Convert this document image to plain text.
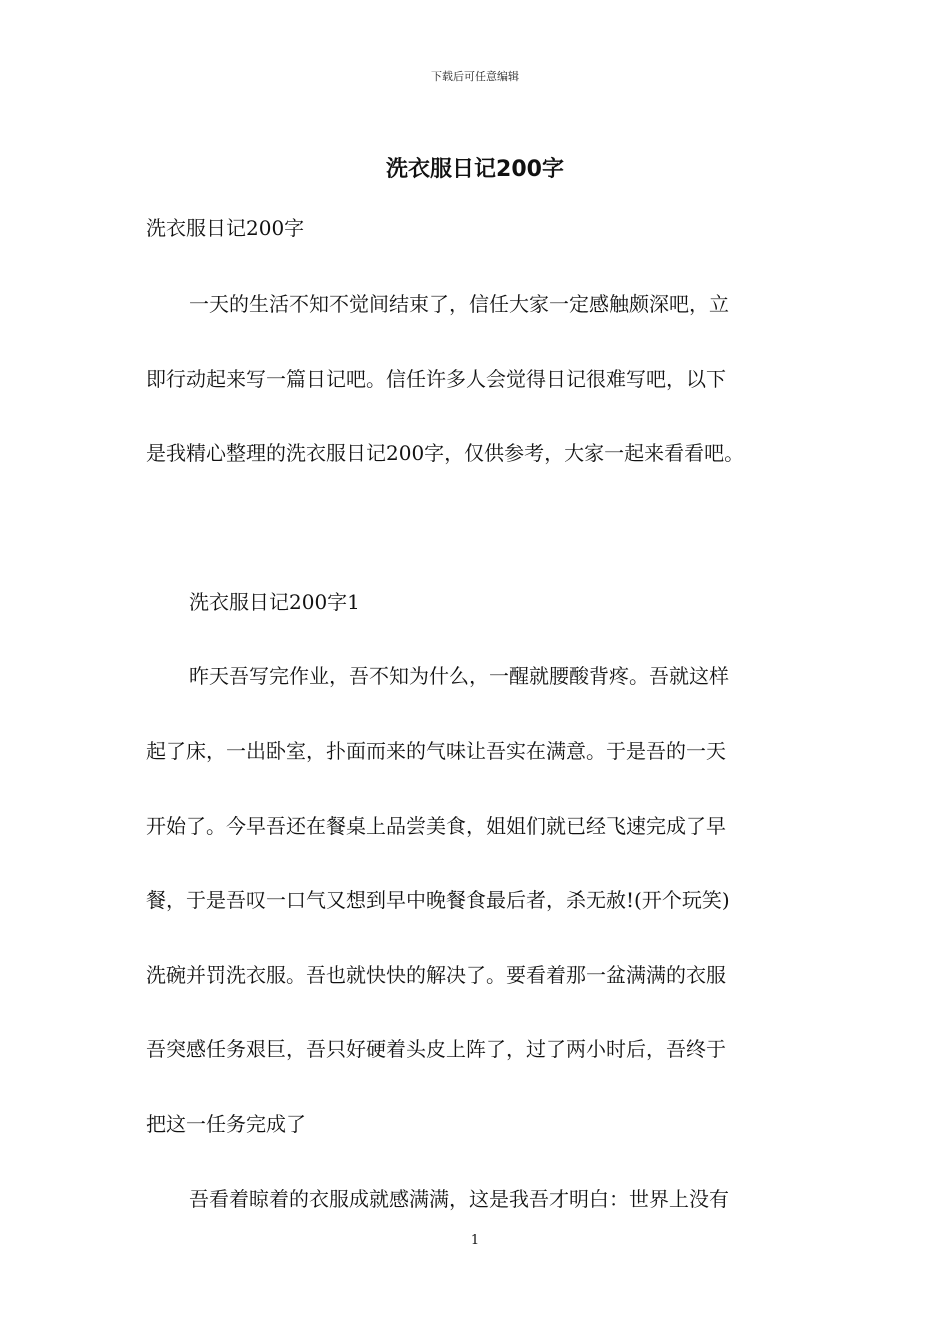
下载后可任意编辑
洗衣服日记200字
洗衣服日记200字
一天的生活不知不觉间结束了，信任大家一定感触颇深吧，立
即行动起来写一篇日记吧。信任许多人会觉得日记很难写吧，以下
是我精心整理的洗衣服日记200字，仅供参考，大家一起来看看吧。
洗衣服日记200字1
昨天吾写完作业，吾不知为什么，一醒就腰酸背疼。吾就这样
起了床，一出卧室，扑面而来的气味让吾实在满意。于是吾的一天
开始了。今早吾还在餐桌上品尝美食，姐姐们就已经飞速完成了早
餐，于是吾叹一口气又想到早中晚餐食最后者，杀无赦!(开个玩笑)
洗碗并罚洗衣服。吾也就快快的解决了。要看着那一盆满满的衣服
吾突感任务艰巨，吾只好硬着头皮上阵了，过了两小时后，吾终于
把这一任务完成了
吾看着晾着的衣服成就感满满，这是我吾才明白：世界上没有
1
